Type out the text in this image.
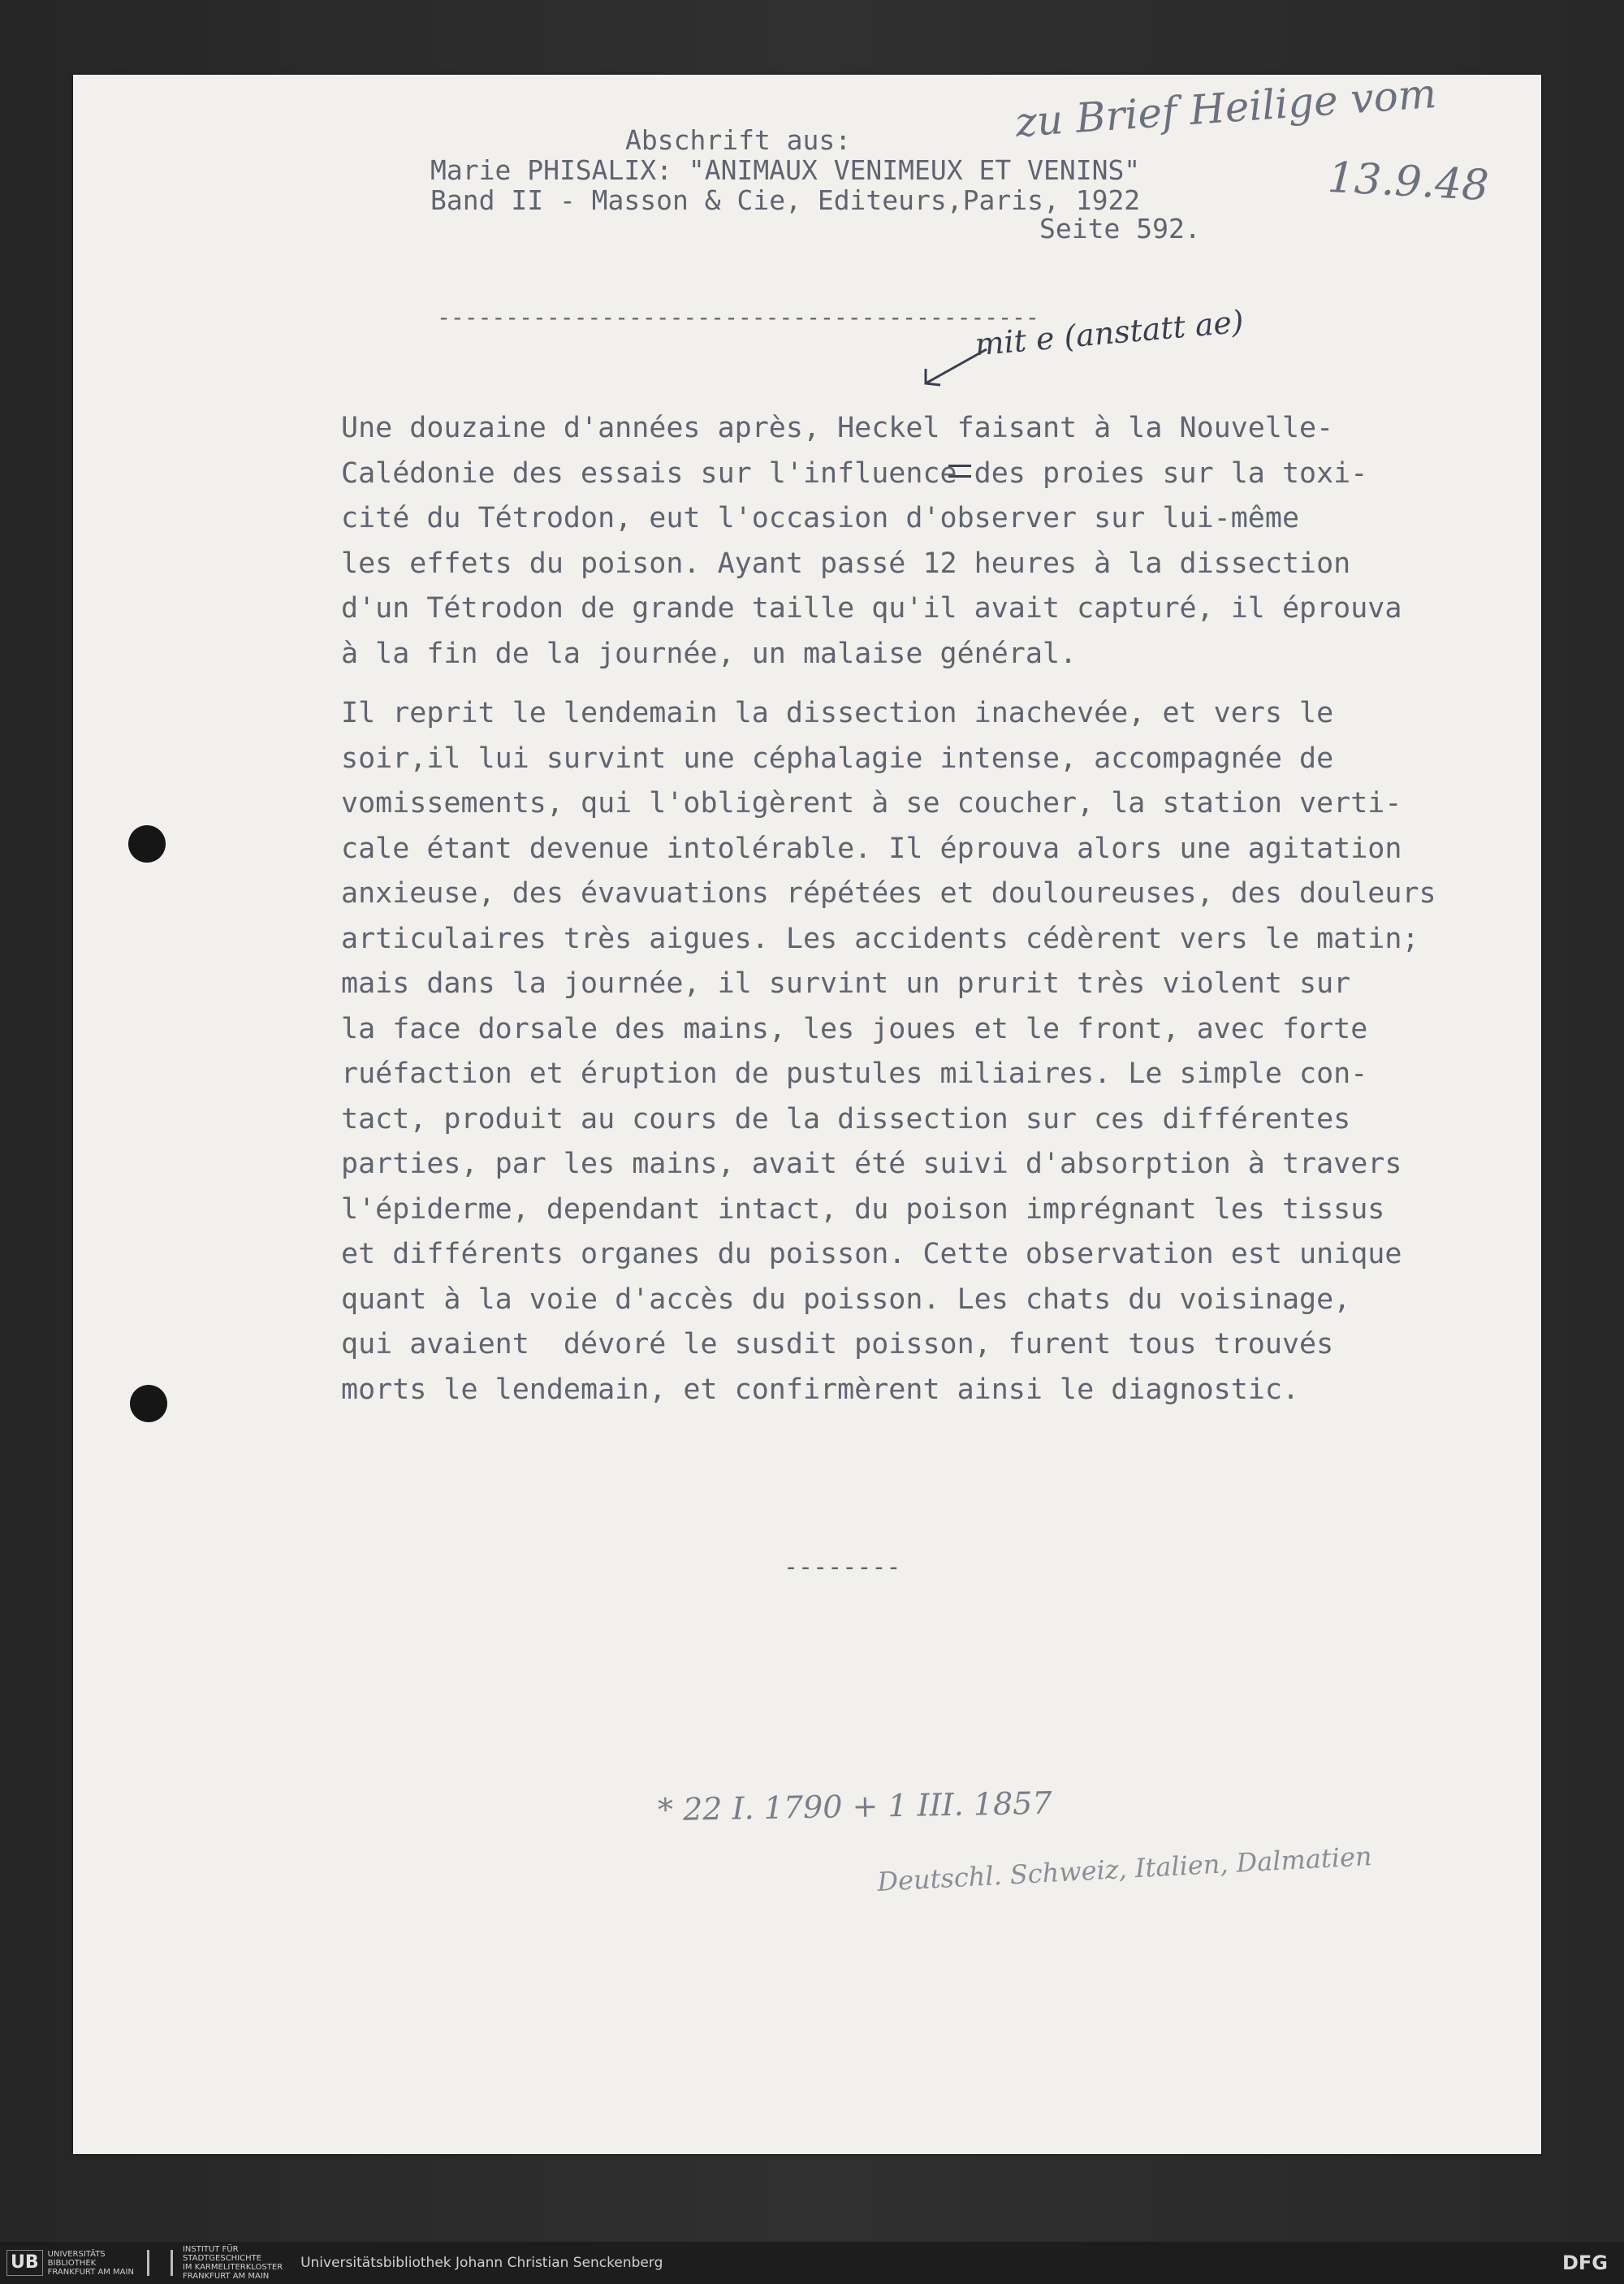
Abschrift aus:
Marie PHISALIX: "ANIMAUX VENIMEUX ET VENINS"
Band II - Masson & Cie, Editeurs,Paris, 1922
Seite 592.
--------------------------------------------
zu Brief Heilige vom
13.9.48
mit e (anstatt ae)
Une douzaine d'années après, Heckel faisant à la Nouvelle-
Calédonie des essais sur l'influence des proies sur la toxi-
cité du Tétrodon, eut l'occasion d'observer sur lui-même
les effets du poison. Ayant passé 12 heures à la dissection
d'un Tétrodon de grande taille qu'il avait capturé, il éprouva
à la fin de la journée, un malaise général.
Il reprit le lendemain la dissection inachevée, et vers le
soir,il lui survint une céphalagie intense, accompagnée de
vomissements, qui l'obligèrent à se coucher, la station verti-
cale étant devenue intolérable. Il éprouva alors une agitation
anxieuse, des évavuations répétées et douloureuses, des douleurs
articulaires très aigues. Les accidents cédèrent vers le matin;
mais dans la journée, il survint un prurit très violent sur
la face dorsale des mains, les joues et le front, avec forte
ruéfaction et éruption de pustules miliaires. Le simple con-
tact, produit au cours de la dissection sur ces différentes
parties, par les mains, avait été suivi d'absorption à travers
l'épiderme, dependant intact, du poison imprégnant les tissus
et différents organes du poisson. Cette observation est unique
quant à la voie d'accès du poisson. Les chats du voisinage,
qui avaient  dévoré le susdit poisson, furent tous trouvés
morts le lendemain, et confirmèrent ainsi le diagnostic.
--------
* 22 I. 1790 + 1 III. 1857
Deutschl. Schweiz, Italien, Dalmatien
UB	UNIVERSITÄTS
BIBLIOTHEK
FRANKFURT AM MAIN
INSTITUT FÜR
STADTGESCHICHTE
IM KARMELITERKLOSTER
FRANKFURT AM MAIN
Universitätsbibliothek Johann Christian Senckenberg	DFG
